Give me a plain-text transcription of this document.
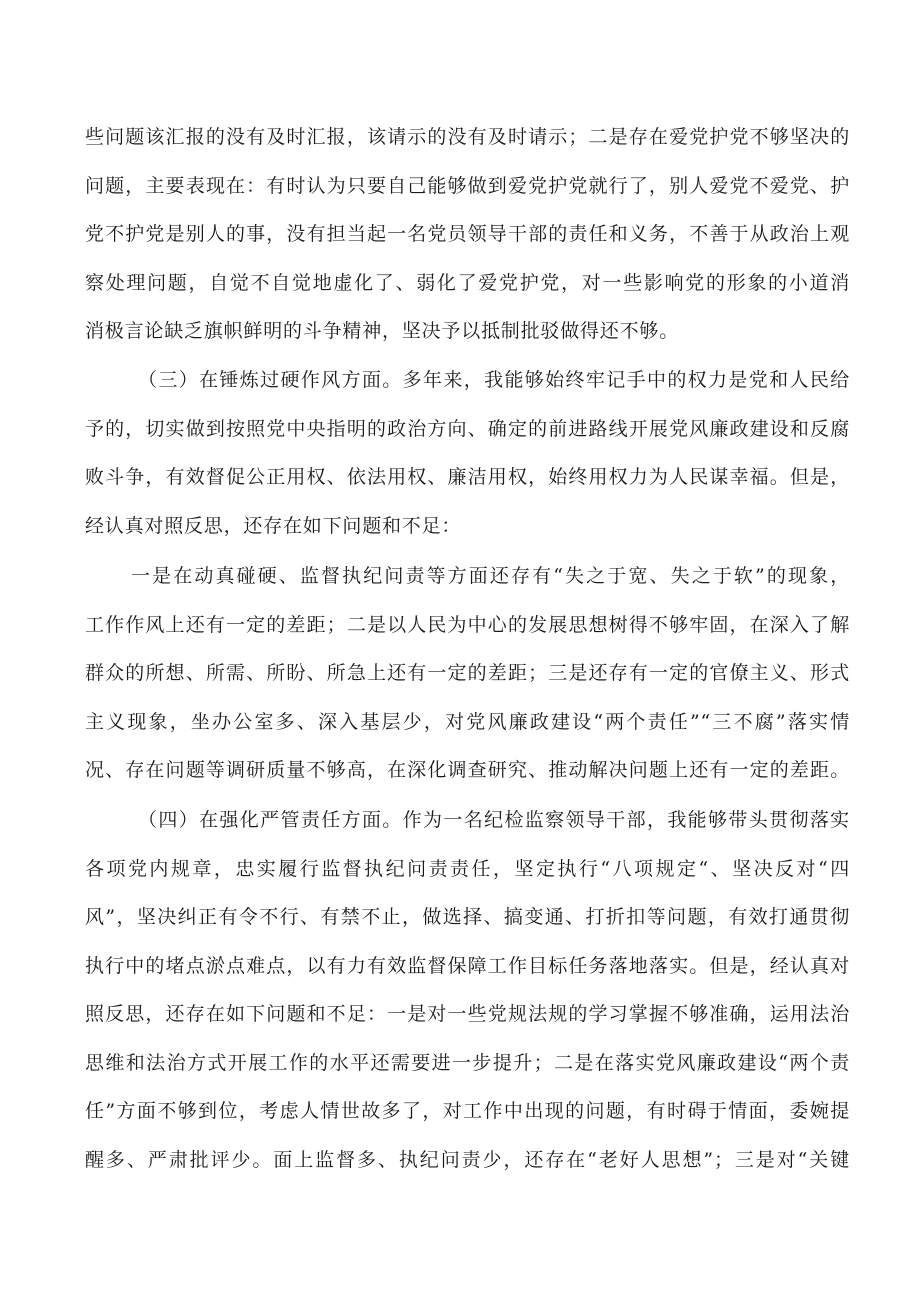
些问题该汇报的没有及时汇报，该请示的没有及时请示；二是存在爱党护党不够坚决的
问题，主要表现在：有时认为只要自己能够做到爱党护党就行了，别人爱党不爱党、护
党不护党是别人的事，没有担当起一名党员领导干部的责任和义务，不善于从政治上观
察处理问题，自觉不自觉地虚化了、弱化了爱党护党，对一些影响党的形象的小道消
消极言论缺乏旗帜鲜明的斗争精神，坚决予以抵制批驳做得还不够。
（三）在锤炼过硬作风方面。多年来，我能够始终牢记手中的权力是党和人民给
予的，切实做到按照党中央指明的政治方向、确定的前进路线开展党风廉政建设和反腐
败斗争，有效督促公正用权、依法用权、廉洁用权，始终用权力为人民谋幸福。但是，
经认真对照反思，还存在如下问题和不足：
一是在动真碰硬、监督执纪问责等方面还存有“失之于宽、失之于软”的现象，
工作作风上还有一定的差距；二是以人民为中心的发展思想树得不够牢固，在深入了解
群众的所想、所需、所盼、所急上还有一定的差距；三是还存有一定的官僚主义、形式
主义现象，坐办公室多、深入基层少，对党风廉政建设“两个责任”“三不腐”落实情
况、存在问题等调研质量不够高，在深化调查研究、推动解决问题上还有一定的差距。
（四）在强化严管责任方面。作为一名纪检监察领导干部，我能够带头贯彻落实
各项党内规章，忠实履行监督执纪问责责任，坚定执行“八项规定“、坚决反对“四
风”，坚决纠正有令不行、有禁不止，做选择、搞变通、打折扣等问题，有效打通贯彻
执行中的堵点淤点难点，以有力有效监督保障工作目标任务落地落实。但是，经认真对
照反思，还存在如下问题和不足：一是对一些党规法规的学习掌握不够准确，运用法治
思维和法治方式开展工作的水平还需要进一步提升；二是在落实党风廉政建设“两个责
任”方面不够到位，考虑人情世故多了，对工作中出现的问题，有时碍于情面，委婉提
醒多、严肃批评少。面上监督多、执纪问责少，还存在“老好人思想”；三是对“关键
